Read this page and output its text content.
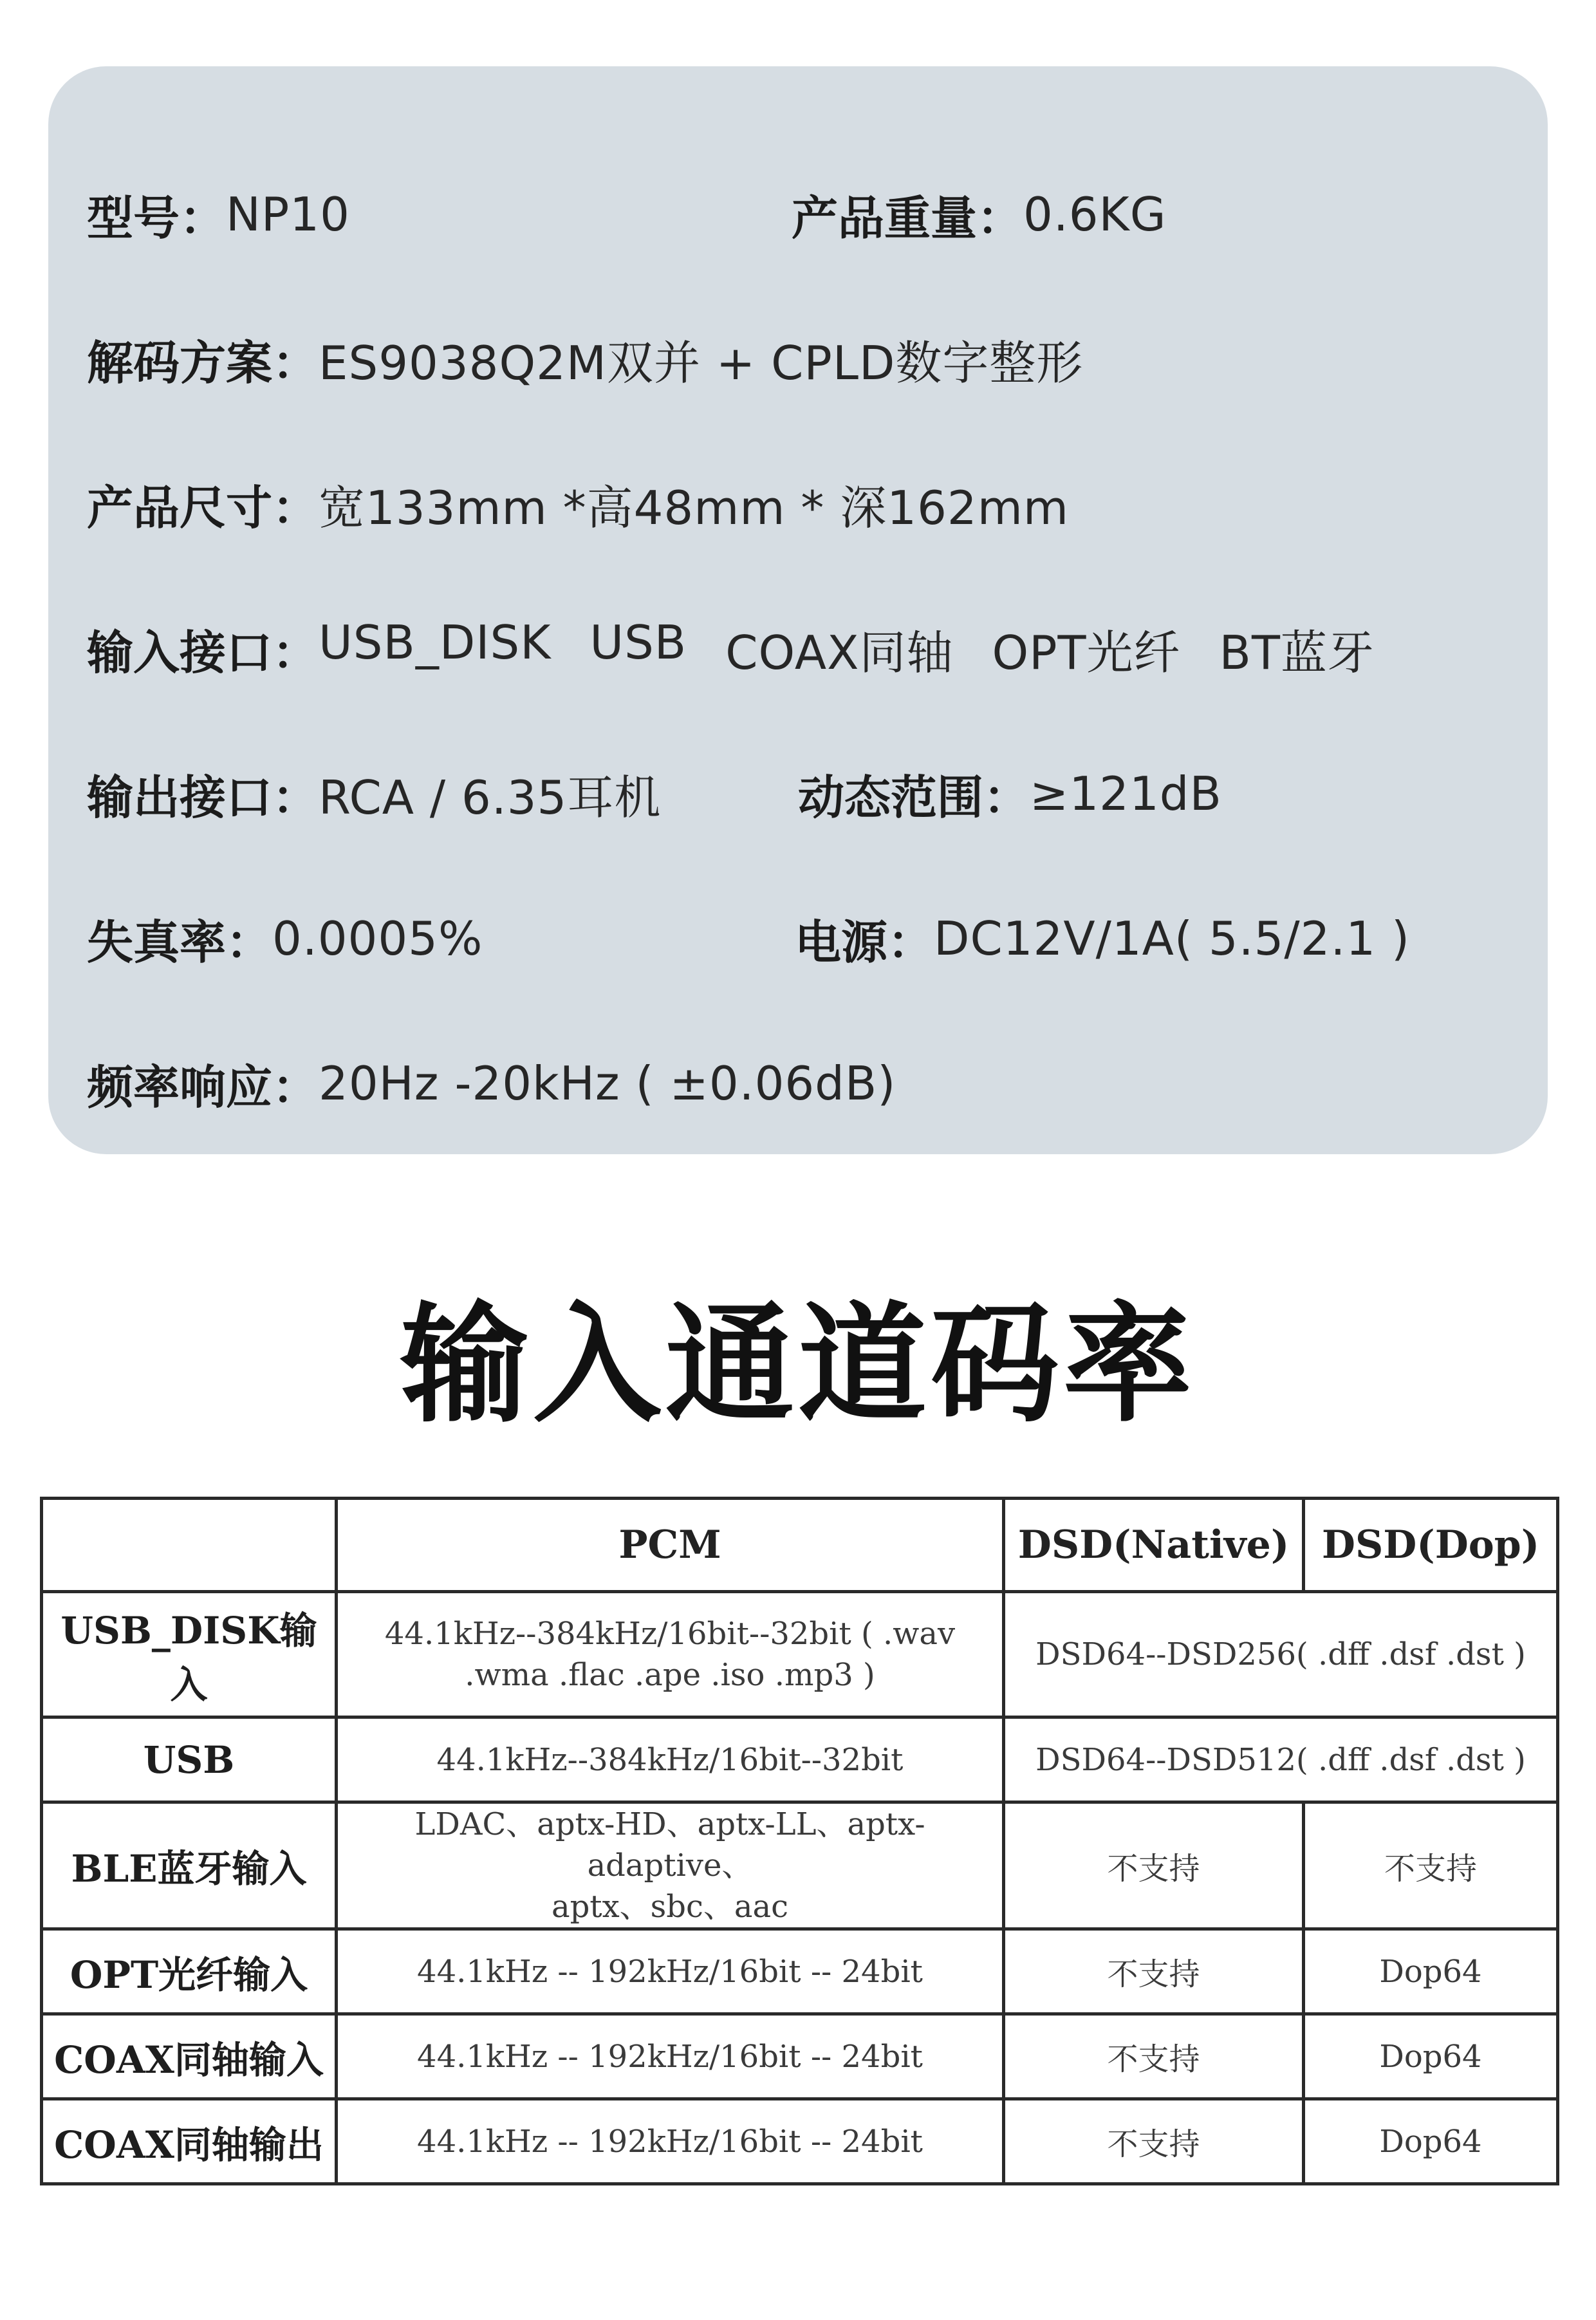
型号： NP10	产品重量： 0.6KG
解码方案： ES9038Q2M双并 + CPLD数字整形
产品尺寸： 宽133mm *高48mm * 深162mm
输入接口： USB_DISK USB COAX同轴 OPT光纤 BT蓝牙
输出接口： RCA / 6.35耳机	动态范围： ≥121dB
失真率： 0.0005%	电源： DC12V/1A( 5.5/2.1 )
频率响应： 20Hz -20kHz ( ±0.06dB)
输入通道码率
	PCM	DSD(Native)	DSD(Dop)
USB_DISK输入	44.1kHz--384kHz/16bit--32bit ( .wav
.wma .flac .ape .iso .mp3 )	DSD64--DSD256( .dff .dsf .dst )	
USB	44.1kHz--384kHz/16bit--32bit	DSD64--DSD512( .dff .dsf .dst )	
BLE蓝牙输入	LDAC、aptx-HD、aptx-LL、aptx-adaptive、
aptx、sbc、aac	不支持	不支持
OPT光纤输入	44.1kHz -- 192kHz/16bit -- 24bit	不支持	Dop64
COAX同轴输入	44.1kHz -- 192kHz/16bit -- 24bit	不支持	Dop64
COAX同轴输出	44.1kHz -- 192kHz/16bit -- 24bit	不支持	Dop64
